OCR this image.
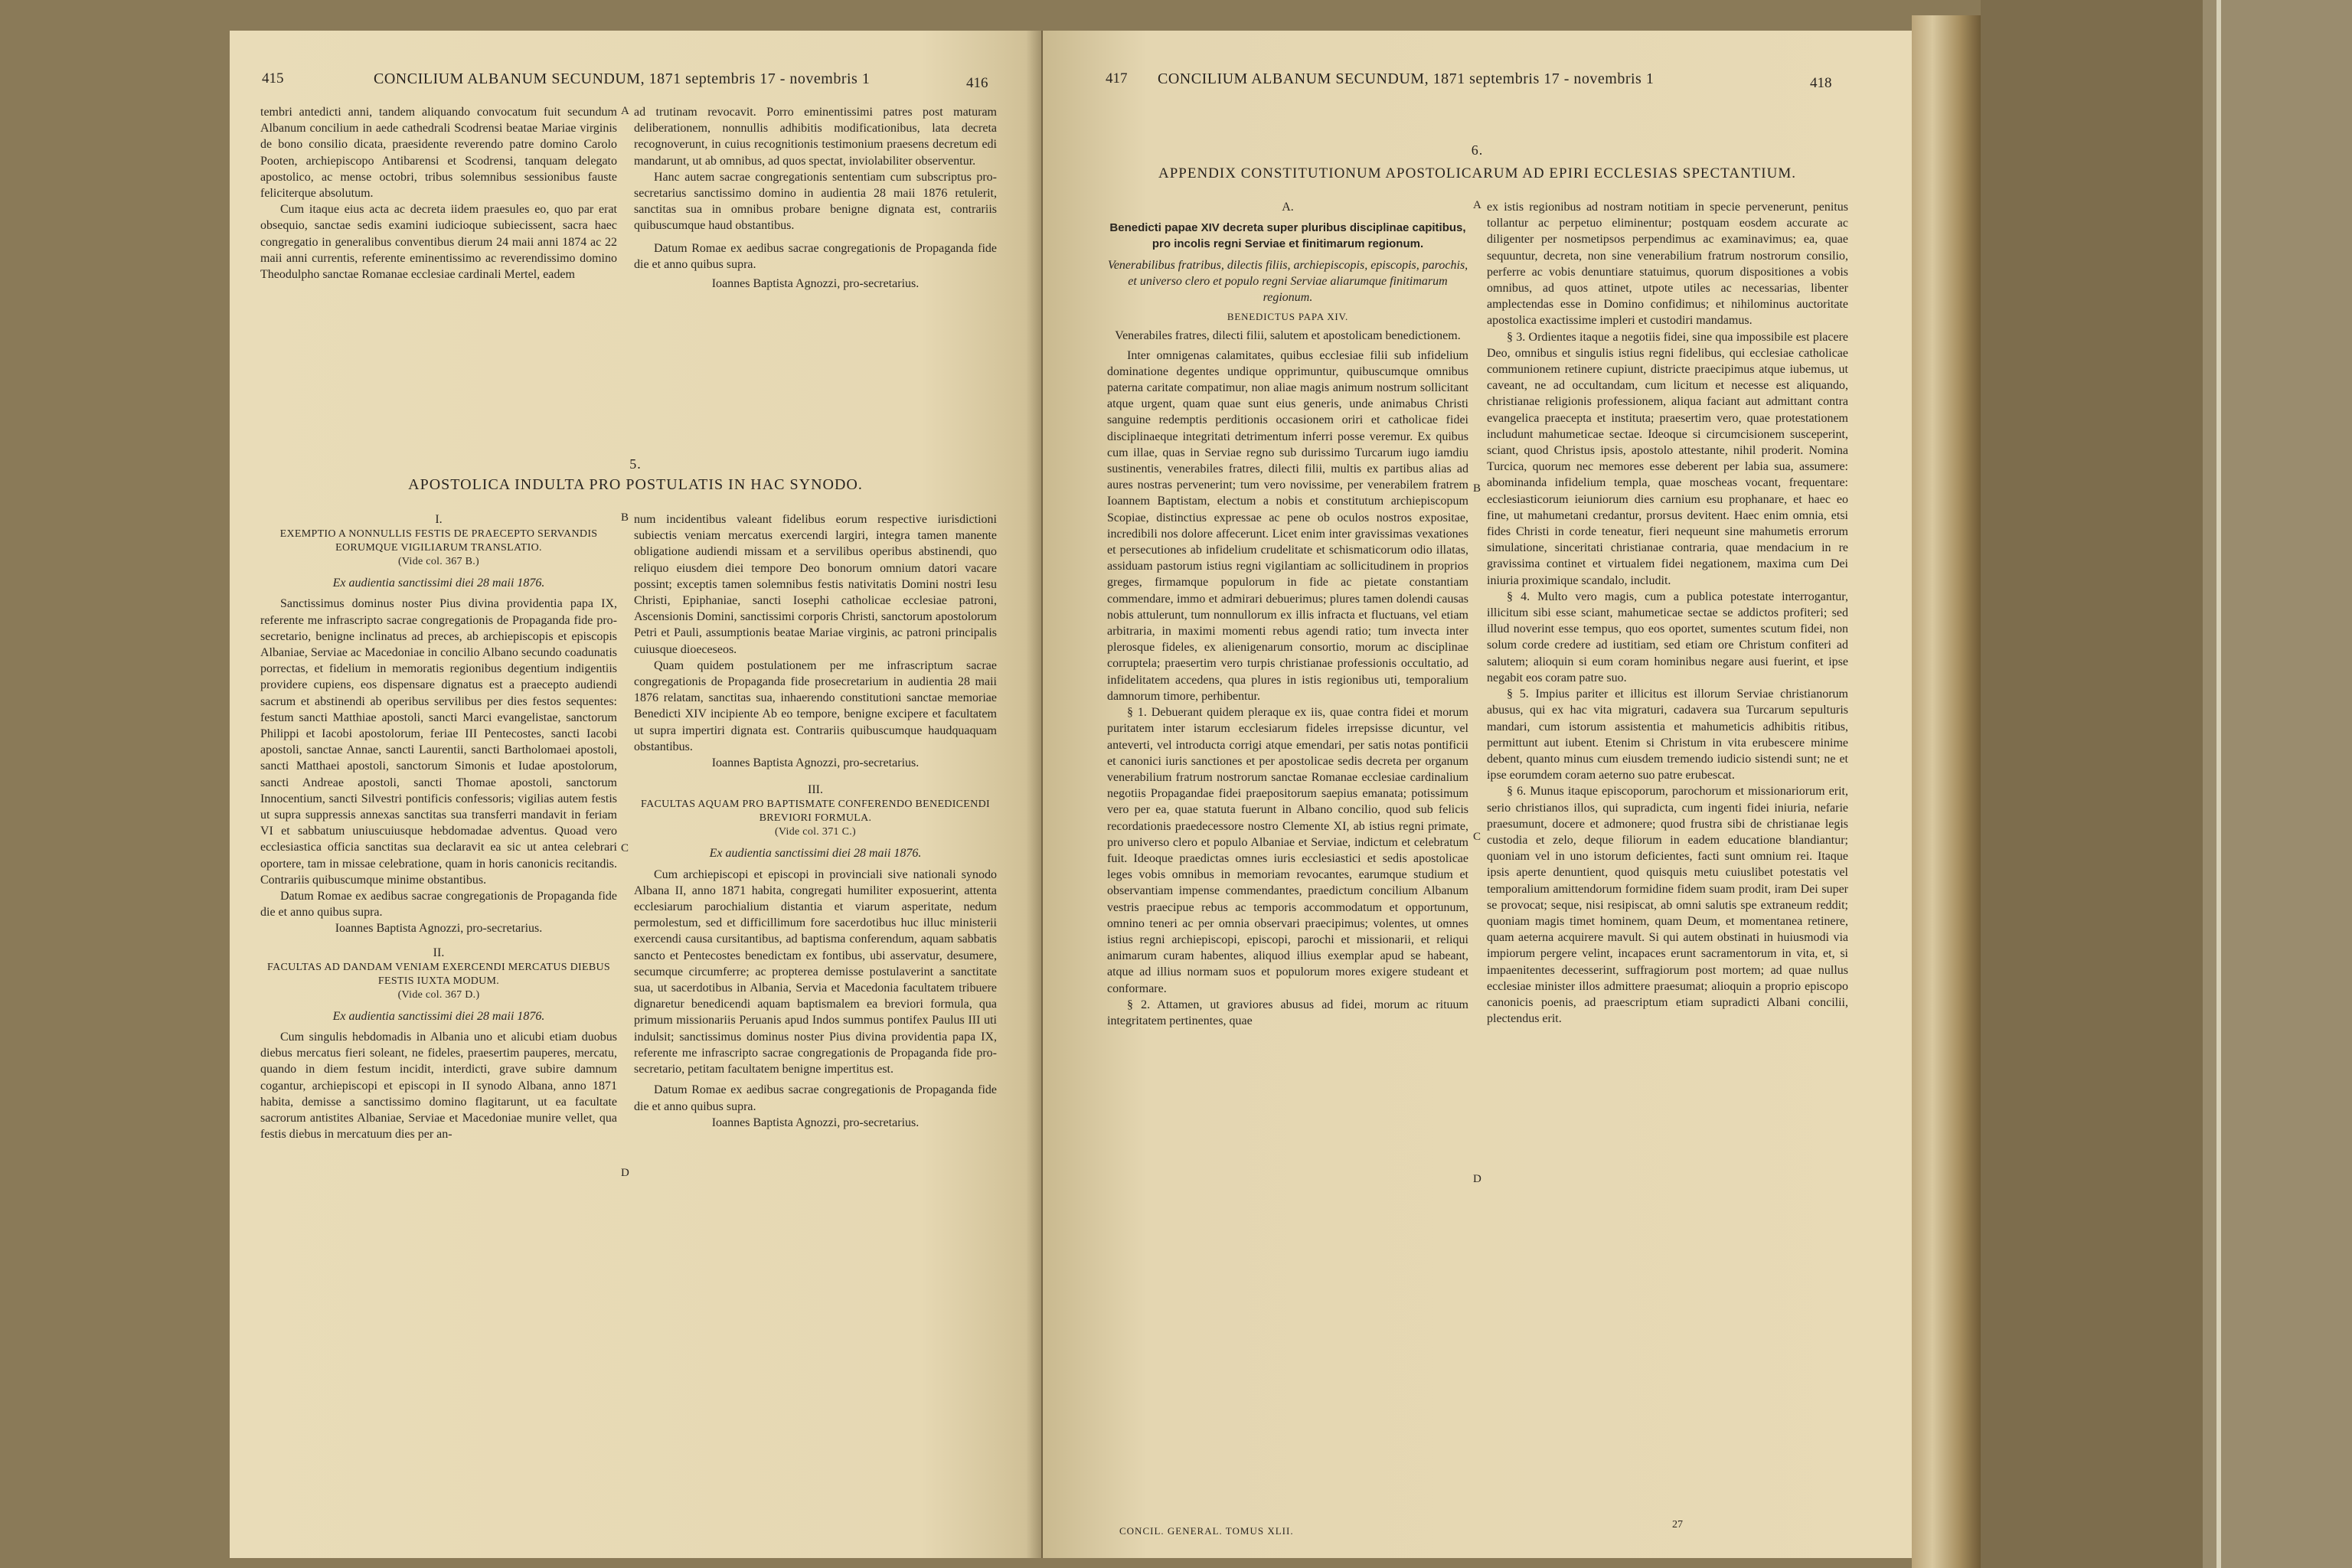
415	CONCILIUM ALBANUM SECUNDUM, 1871 septembris 17 - novembris 1	416

tembri antedicti anni, tandem aliquando convocatum fuit secundum Albanum concilium in aede cathedrali Scodrensi beatae Mariae virginis de bono consilio dicata, praesidente reverendo patre domino Carolo Pooten, archiepiscopo Antibarensi et Scodrensi, tanquam delegato apostolico, ac mense octobri, tribus solemnibus sessionibus fauste feliciterque absolutum.

Cum itaque eius acta ac decreta iidem praesules eo, quo par erat obsequio, sanctae sedis examini iudicioque subiecissent, sacra haec congregatio in generalibus conventibus dierum 24 maii anni 1874 ac 22 maii anni currentis, referente eminentissimo ac reverendissimo domino Theodulpho sanctae Romanae ecclesiae cardinali Mertel, eadem

A ad trutinam revocavit. Porro eminentissimi patres post maturam deliberationem, nonnullis adhibitis modificationibus, lata decreta recognoverunt, in cuius recognitionis testimonium praesens decretum edi mandarunt, ut ab omnibus, ad quos spectat, inviolabiliter observentur.

Hanc autem sacrae congregationis sententiam cum subscriptus pro-secretarius sanctissimo domino in audientia 28 maii 1876 retulerit, sanctitas sua in omnibus probare benigne dignata est, contrariis quibuscumque haud obstantibus.

Datum Romae ex aedibus sacrae congregationis de Propaganda fide die et anno quibus supra.

Ioannes Baptista Agnozzi, pro-secretarius.

5.
APOSTOLICA INDULTA PRO POSTULATIS IN HAC SYNODO.

I.

EXEMPTIO A NONNULLIS FESTIS DE PRAECEPTO SERVANDIS EORUMQUE VIGILIARUM TRANSLATIO.

(Vide col. 367 B.)

Ex audientia sanctissimi diei 28 maii 1876.

Sanctissimus dominus noster Pius divina providentia papa IX, referente me infrascripto sacrae congregationis de Propaganda fide pro-secretario, benigne inclinatus ad preces, ab archiepiscopis et episcopis Albaniae, Serviae ac Macedoniae in concilio Albano secundo coadunatis porrectas, et fidelium in memoratis regionibus degentium indigentiis providere cupiens, eos dispensare dignatus est a praecepto audiendi sacrum et abstinendi ab operibus servilibus per dies festos sequentes: festum sancti Matthiae apostoli, sancti Marci evangelistae, sanctorum Philippi et Iacobi apostolorum, feriae III Pentecostes, sancti Iacobi apostoli, sanctae Annae, sancti Laurentii, sancti Bartholomaei apostoli, sancti Matthaei apostoli, sanctorum Simonis et Iudae apostolorum, sancti Andreae apostoli, sancti Thomae apostoli, sanctorum Innocentium, sancti Silvestri pontificis confessoris; vigilias autem festis ut supra suppressis annexas sanctitas sua transferri mandavit in feriam VI et sabbatum uniuscuiusque hebdomadae adventus. Quoad vero ecclesiastica officia sanctitas sua declaravit ea sic ut antea celebrari oportere, tam in missae celebratione, quam in horis canonicis recitandis. Contrariis quibuscumque minime obstantibus.

Datum Romae ex aedibus sacrae congregationis de Propaganda fide die et anno quibus supra.

Ioannes Baptista Agnozzi, pro-secretarius.

II.

FACULTAS AD DANDAM VENIAM EXERCENDI MERCATUS DIEBUS FESTIS IUXTA MODUM.

(Vide col. 367 D.)

Ex audientia sanctissimi diei 28 maii 1876.

Cum singulis hebdomadis in Albania uno et alicubi etiam duobus diebus mercatus fieri soleant, ne fideles, praesertim pauperes, mercatu, quando in diem festum incidit, interdicti, grave subire damnum cogantur, archiepiscopi et episcopi in II synodo Albana, anno 1871 habita, demisse a sanctissimo domino flagitarunt, ut ea facultate sacrorum antistites Albaniae, Serviae et Macedoniae munire vellet, qua festis diebus in mercatuum dies per an-

B
C
D

num incidentibus valeant fidelibus eorum respective iurisdictioni subiectis veniam mercatus exercendi largiri, integra tamen manente obligatione audiendi missam et a servilibus operibus abstinendi, quo reliquo eiusdem diei tempore Deo bonorum omnium datori vacare possint; exceptis tamen solemnibus festis nativitatis Domini nostri Iesu Christi, Epiphaniae, sancti Iosephi catholicae ecclesiae patroni, Ascensionis Domini, sanctissimi corporis Christi, sanctorum apostolorum Petri et Pauli, assumptionis beatae Mariae virginis, ac patroni principalis cuiusque dioeceseos.

Quam quidem postulationem per me infrascriptum sacrae congregationis de Propaganda fide prosecretarium in audientia 28 maii 1876 relatam, sanctitas sua, inhaerendo constitutioni sanctae memoriae Benedicti XIV incipiente Ab eo tempore, benigne excipere et facultatem ut supra impertiri dignata est. Contrariis quibuscumque haudquaquam obstantibus.

Ioannes Baptista Agnozzi, pro-secretarius.

III.

FACULTAS AQUAM PRO BAPTISMATE CONFERENDO BENEDICENDI BREVIORI FORMULA.

(Vide col. 371 C.)

Ex audientia sanctissimi diei 28 maii 1876.

Cum archiepiscopi et episcopi in provinciali sive nationali synodo Albana II, anno 1871 habita, congregati humiliter exposuerint, attenta ecclesiarum parochialium distantia et viarum asperitate, nedum permolestum, sed et difficillimum fore sacerdotibus huc illuc ministerii exercendi causa cursitantibus, ad baptisma conferendum, aquam sabbatis sancto et Pentecostes benedictam ex fontibus, ubi asservatur, desumere, secumque circumferre; ac propterea demisse postulaverint a sanctitate sua, ut sacerdotibus in Albania, Servia et Macedonia facultatem tribuere dignaretur benedicendi aquam baptismalem ea breviori formula, qua primum missionariis Peruanis apud Indos summus pontifex Paulus III uti indulsit; sanctissimus dominus noster Pius divina providentia papa IX, referente me infrascripto sacrae congregationis de Propaganda fide pro-secretario, petitam facultatem benigne impertitus est.

Datum Romae ex aedibus sacrae congregationis de Propaganda fide die et anno quibus supra.

Ioannes Baptista Agnozzi, pro-secretarius.

417 CONCILIUM ALBANUM SECUNDUM, 1871 septembris 17 - novembris 1	418
6.
APPENDIX CONSTITUTIONUM APOSTOLICARUM AD EPIRI ECCLESIAS SPECTANTIUM.

A.

Benedicti papae XIV decreta super pluribus disciplinae capitibus, pro incolis regni Serviae et finitimarum regionum.

Venerabilibus fratribus, dilectis filiis, archiepiscopis, episcopis, parochis, et universo clero et populo regni Serviae aliarumque finitimarum regionum.

BENEDICTUS PAPA XIV.

Venerabiles fratres, dilecti filii, salutem et apostolicam benedictionem.

Inter omnigenas calamitates, quibus ecclesiae filii sub infidelium dominatione degentes undique opprimuntur, quibuscumque omnibus paterna caritate compatimur, non aliae magis animum nostrum sollicitant atque urgent, quam quae sunt eius generis, unde animabus Christi sanguine redemptis perditionis occasionem oriri et catholicae fidei disciplinaeque integritati detrimentum inferri posse veremur. Ex quibus cum illae, quas in Serviae regno sub durissimo Turcarum iugo iamdiu sustinentis, venerabiles fratres, dilecti filii, multis ex partibus alias ad aures nostras pervenerint; tum vero novissime, per venerabilem fratrem Ioannem Baptistam, electum a nobis et constitutum archiepiscopum Scopiae, distinctius expressae ac pene ob oculos nostros expositae, incredibili nos dolore affecerunt. Licet enim inter gravissimas vexationes et persecutiones ab infidelium crudelitate et schismaticorum odio illatas, assiduam pastorum istius regni vigilantiam ac sollicitudinem in proprios greges, firmamque populorum in fide ac pietate constantiam commendare, immo et admirari debuerimus; plures tamen dolendi causas nobis attulerunt, tum nonnullorum ex illis infracta et fluctuans, vel etiam arbitraria, in maximi momenti rebus agendi ratio; tum invecta inter plerosque fideles, ex alienigenarum consortio, morum ac disciplinae corruptela; praesertim vero turpis christianae professionis occultatio, ad infidelitatem accedens, qua plures in istis regionibus uti, temporalium damnorum timore, perhibentur.

§ 1. Debuerant quidem pleraque ex iis, quae contra fidei et morum puritatem inter istarum ecclesiarum fideles irrepsisse dicuntur, vel anteverti, vel introducta corrigi atque emendari, per satis notas pontificii et canonici iuris sanctiones et per apostolicae sedis decreta per organum venerabilium fratrum nostrorum sanctae Romanae ecclesiae cardinalium negotiis Propagandae fidei praepositorum saepius emanata; potissimum vero per ea, quae statuta fuerunt in Albano concilio, quod sub felicis recordationis praedecessore nostro Clemente XI, ab istius regni primate, pro universo clero et populo Albaniae et Serviae, indictum et celebratum fuit. Ideoque praedictas omnes iuris ecclesiastici et sedis apostolicae leges vobis omnibus in memoriam revocantes, earumque studium et observantiam impense commendantes, praedictum concilium Albanum vestris praecipue rebus ac temporis accommodatum et opportunum, omnino teneri ac per omnia observari praecipimus; volentes, ut omnes istius regni archiepiscopi, episcopi, parochi et missionarii, et reliqui animarum curam habentes, aliquod illius exemplar apud se habeant, atque ad illius normam suos et populorum mores exigere studeant et conformare.

§ 2. Attamen, ut graviores abusus ad fidei, morum ac rituum integritatem pertinentes, quae

A
B
C
D

ex istis regionibus ad nostram notitiam in specie pervenerunt, penitus tollantur ac perpetuo eliminentur; postquam eosdem accurate ac diligenter per nosmetipsos perpendimus ac examinavimus; ea, quae sequuntur, decreta, non sine venerabilium fratrum nostrorum consilio, perferre ac vobis denuntiare statuimus, quorum dispositiones a vobis omnibus, ad quos attinet, utpote utiles ac necessarias, libenter amplectendas esse in Domino confidimus; et nihilominus auctoritate apostolica exactissime impleri et custodiri mandamus.

§ 3. Ordientes itaque a negotiis fidei, sine qua impossibile est placere Deo, omnibus et singulis istius regni fidelibus, qui ecclesiae catholicae communionem retinere cupiunt, districte praecipimus atque iubemus, ut caveant, ne ad occultandam, cum licitum et necesse est aliquando, christianae religionis professionem, aliqua faciant aut admittant contra evangelica praecepta et instituta; praesertim vero, quae protestationem includunt mahumeticae sectae. Ideoque si circumcisionem susceperint, sciant, quod Christus ipsis, apostolo attestante, nihil proderit. Nomina Turcica, quorum nec memores esse deberent per labia sua, assumere: abominanda infidelium templa, quae moscheas vocant, frequentare: ecclesiasticorum ieiuniorum dies carnium esu prophanare, et haec eo fine, ut mahumetani credantur, prorsus devitent. Haec enim omnia, etsi fides Christi in corde teneatur, fieri nequeunt sine mahumetis errorum simulatione, sinceritati christianae contraria, quae mendacium in re gravissima continet et virtualem fidei negationem, maxima cum Dei iniuria proximique scandalo, includit.

§ 4. Multo vero magis, cum a publica potestate interrogantur, illicitum sibi esse sciant, mahumeticae sectae se addictos profiteri; sed illud noverint esse tempus, quo eos oportet, sumentes scutum fidei, non solum corde credere ad iustitiam, sed etiam ore Christum confiteri ad salutem; alioquin si eum coram hominibus negare ausi fuerint, et ipse negabit eos coram patre suo.

§ 5. Impius pariter et illicitus est illorum Serviae christianorum abusus, qui ex hac vita migraturi, cadavera sua Turcarum sepulturis mandari, cum istorum assistentia et mahumeticis adhibitis ritibus, permittunt aut iubent. Etenim si Christum in vita erubescere minime debent, quanto minus cum eiusdem tremendo iudicio sistendi sunt; ne et ipse eorumdem coram aeterno suo patre erubescat.

§ 6. Munus itaque episcoporum, parochorum et missionariorum erit, serio christianos illos, qui supradicta, cum ingenti fidei iniuria, nefarie praesumunt, docere et admonere; quod frustra sibi de christianae legis custodia et zelo, deque filiorum in eadem educatione blandiantur; quoniam vel in uno istorum deficientes, facti sunt omnium rei. Itaque ipsis aperte denuntient, quod quisquis metu cuiuslibet potestatis vel temporalium amittendorum formidine fidem suam prodit, iram Dei super se provocat; seque, nisi resipiscat, ab omni salutis spe extraneum reddit; quoniam magis timet hominem, quam Deum, et momentanea retinere, quam aeterna acquirere mavult. Si qui autem obstinati in huiusmodi via impiorum pergere velint, incapaces erunt sacramentorum in vita, et, si impaenitentes decesserint, suffragiorum post mortem; ad quae nullus ecclesiae minister illos admittere praesumat; alioquin a proprio episcopo canonicis poenis, ad praescriptum etiam supradicti Albani concilii, plectendus erit.

CONCIL. GENERAL. TOMUS XLII.
27
